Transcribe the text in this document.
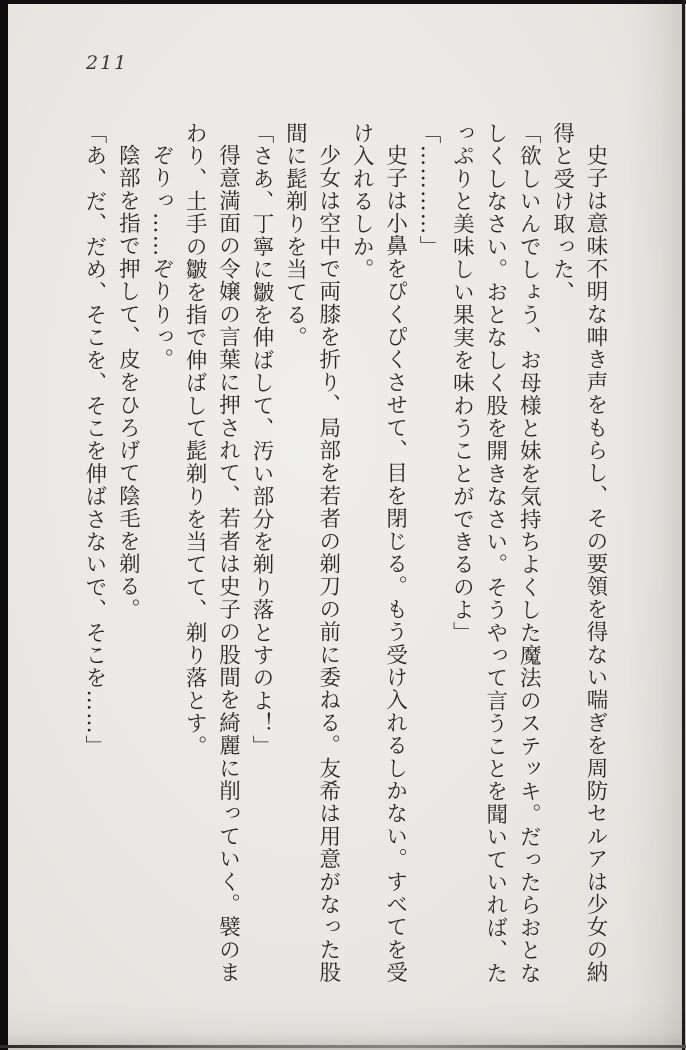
211
史子は意味不明な呻き声をもらし、その要領を得ない喘ぎを周防セルアは少女の納
得と受け取った、
「欲しいんでしょう、お母様と妹を気持ちよくした魔法のステッキ。だったらおとな
しくしなさい。おとなしく股を開きなさい。そうやって言うことを聞いていれば、た
っぷりと美味しい果実を味わうことができるのよ」
「…………」
史子は小鼻をぴくぴくさせて、目を閉じる。もう受け入れるしかない。すべてを受
け入れるしか。
少女は空中で両膝を折り、局部を若者の剃刀の前に委ねる。友希は用意がなった股
間に髭剃りを当てる。
「さあ、丁寧に皺を伸ばして、汚い部分を剃り落とすのよ！」
得意満面の令嬢の言葉に押されて、若者は史子の股間を綺麗に削っていく。襞のま
わり、土手の皺を指で伸ばして髭剃りを当てて、剃り落とす。
ぞりっ……ぞりりっ。
陰部を指で押して、皮をひろげて陰毛を剃る。
「あ、だ、だめ、そこを、そこを伸ばさないで、そこを……」
